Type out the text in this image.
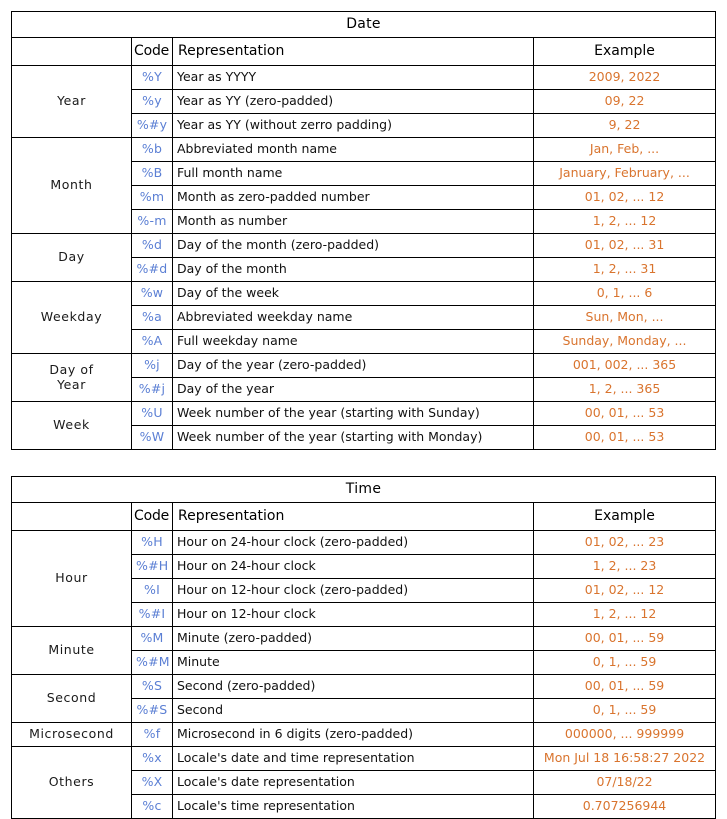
Date			
	Code	Representation	Example
Year	%Y	Year as YYYY	2009, 2022
	%y	Year as YY (zero-padded)	09, 22
	%#y	Year as YY (without zerro padding)	9, 22
Month	%b	Abbreviated month name	Jan, Feb, ...
	%B	Full month name	January, February, ...
	%m	Month as zero-padded number	01, 02, ... 12
	%-m	Month as number	1, 2, ... 12
Day	%d	Day of the month (zero-padded)	01, 02, ... 31
	%#d	Day of the month	1, 2, ... 31
Weekday	%w	Day of the week	0, 1, ... 6
	%a	Abbreviated weekday name	Sun, Mon, ...
	%A	Full weekday name	Sunday, Monday, ...
Day of
Year	%j	Day of the year (zero-padded)	001, 002, ... 365
	%#j	Day of the year	1, 2, ... 365
Week	%U	Week number of the year (starting with Sunday)	00, 01, ... 53
	%W	Week number of the year (starting with Monday)	00, 01, ... 53
Time			
	Code	Representation	Example
Hour	%H	Hour on 24-hour clock (zero-padded)	01, 02, ... 23
	%#H	Hour on 24-hour clock	1, 2, ... 23
	%I	Hour on 12-hour clock (zero-padded)	01, 02, ... 12
	%#I	Hour on 12-hour clock	1, 2, ... 12
Minute	%M	Minute (zero-padded)	00, 01, ... 59
	%#M	Minute	0, 1, ... 59
Second	%S	Second (zero-padded)	00, 01, ... 59
	%#S	Second	0, 1, ... 59
Microsecond	%f	Microsecond in 6 digits (zero-padded)	000000, ... 999999
Others	%x	Locale's date and time representation	Mon Jul 18 16:58:27 2022
	%X	Locale's date representation	07/18/22
	%c	Locale's time representation	0.707256944
